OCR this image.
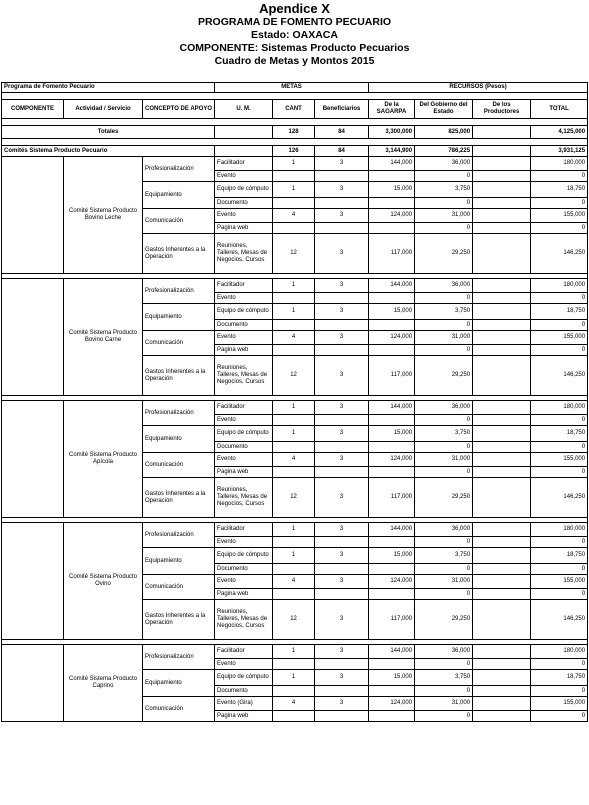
Apendice X
PROGRAMA DE FOMENTO PECUARIO
Estado: OAXACA
COMPONENTE: Sistemas Producto Pecuarios
Cuadro de Metas y Montos 2015
Programa de Fomento Pecuario			METAS			RECURSOS (Pesos)			

COMPONENTE	Actividad / Servicio	CONCEPTO DE APOYO	U. M.	CANT	Beneficiarios	De la SAGARPA	Del Gobierno del Estado	De los Productores	TOTAL

Totales				128	84	3,300,000	825,000		4,125,000

Comités Sistema Producto Pecuario				126	84	3,144,900	786,225		3,931,125
	Comité Sistema Producto Bovino Leche	Profesionalización	Facilitador	1	3	144,000	36,000		180,000
			Evento				0		0
		Equipamiento	Equipo de cómputo	1	3	15,000	3,750		18,750
			Documento				0		0
		Comunicación	Evento	4	3	124,000	31,000		155,000
			Pagina web				0		0
		Gastos Inherentes a la Operación	Reuniones, Talleres, Mesas de Negocios, Cursos	12	3	117,000	29,250		146,250

	Comité Sistema Producto Bovino Carne	Profesionalización	Facilitador	1	3	144,000	36,000		180,000
			Evento				0		0
		Equipamiento	Equipo de cómputo	1	3	15,000	3,750		18,750
			Documento				0		0
		Comunicación	Evento	4	3	124,000	31,000		155,000
			Pagina web				0		0
		Gastos Inherentes a la Operación	Reuniones, Talleres, Mesas de Negocios, Cursos	12	3	117,000	29,250		146,250

	Comité Sistema Producto Apícola	Profesionalización	Facilitador	1	3	144,000	36,000		180,000
			Evento				0		0
		Equipamiento	Equipo de cómputo	1	3	15,000	3,750		18,750
			Documento				0		0
		Comunicación	Evento	4	3	124,000	31,000		155,000
			Pagina web				0		0
		Gastos Inherentes a la Operación	Reuniones, Talleres, Mesas de Negocios, Cursos	12	3	117,000	29,250		146,250

	Comité Sistema Producto Ovino	Profesionalización	Facilitador	1	3	144,000	36,000		180,000
			Evento				0		0
		Equipamiento	Equipo de cómputo	1	3	15,000	3,750		18,750
			Documento				0		0
		Comunicación	Evento	4	3	124,000	31,000		155,000
			Pagina web				0		0
		Gastos Inherentes a la Operación	Reuniones, Talleres, Mesas de Negocios, Cursos	12	3	117,000	29,250		146,250

	Comité Sistema Producto Caprino	Profesionalización	Facilitador	1	3	144,000	36,000		180,000
			Evento				0		0
		Equipamiento	Equipo de cómputo	1	3	15,000	3,750		18,750
			Documento				0		0
		Comunicación	Evento (Gira)	4	3	124,000	31,000		155,000
			Pagina web				0		0
